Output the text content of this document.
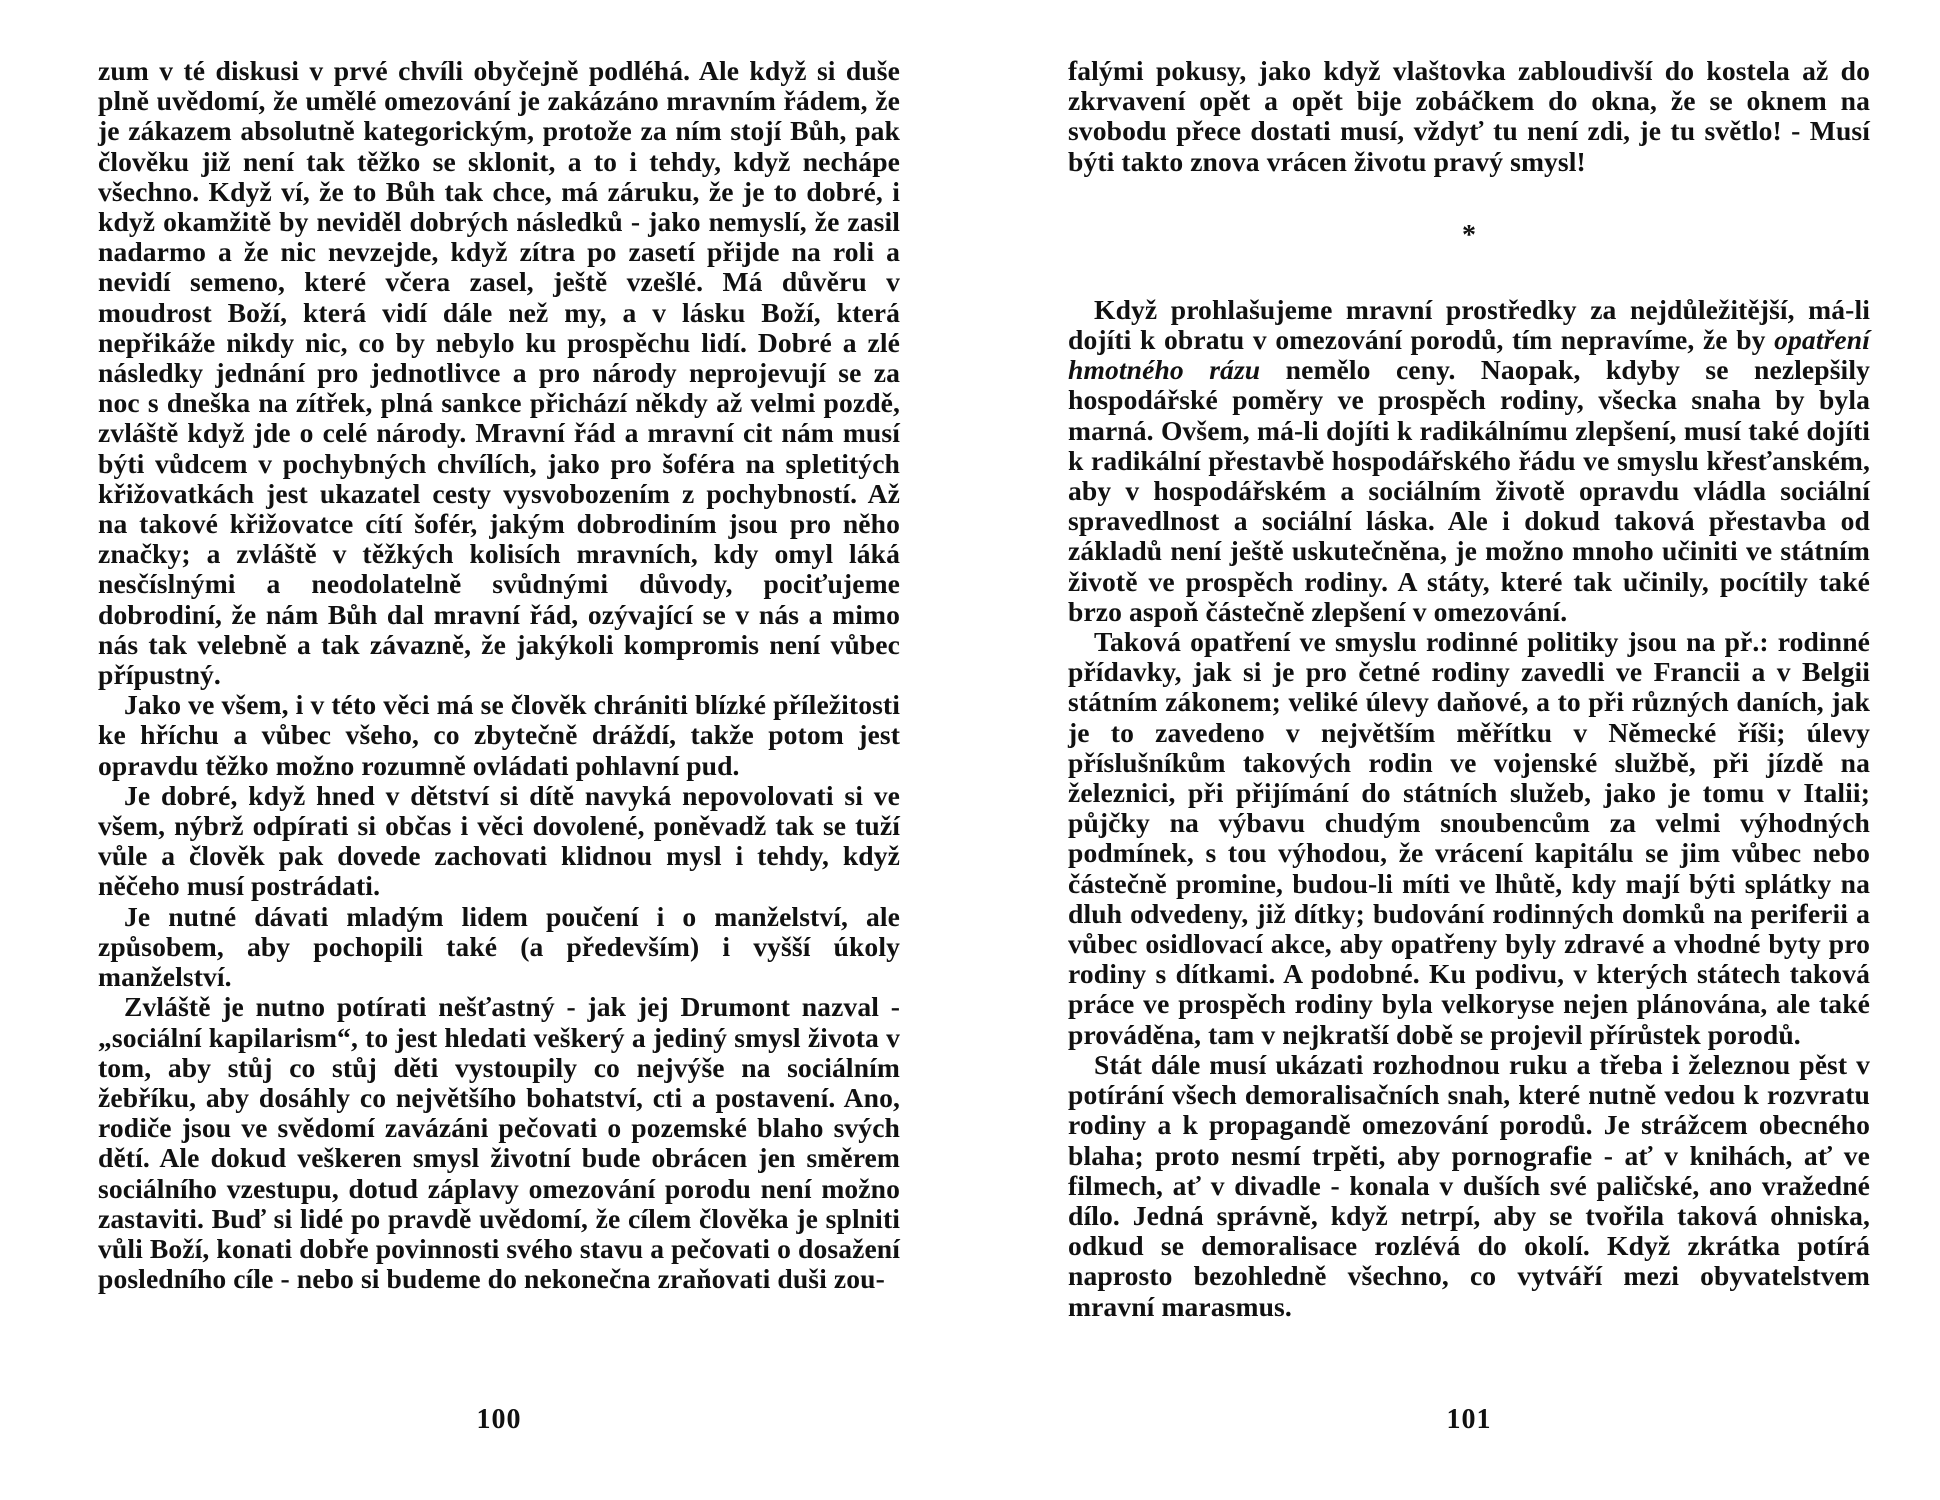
zum v té diskusi v prvé chvíli obyčejně podléhá. Ale když si duše plně uvědomí, že umělé omezování je zakázáno mravním řádem, že je zákazem absolutně kategorickým, protože za ním stojí Bůh, pak člověku již není tak těžko se sklonit, a to i tehdy, když nechápe všechno. Když ví, že to Bůh tak chce, má záruku, že je to dobré, i když okamžitě by neviděl dobrých následků - jako nemyslí, že zasil nadarmo a že nic nevzejde, když zítra po zasetí přijde na roli a nevidí semeno, které včera zasel, ještě vzešlé. Má důvěru v moudrost Boží, která vidí dále než my, a v lásku Boží, která nepřikáže nikdy nic, co by nebylo ku prospěchu lidí. Dobré a zlé následky jednání pro jednotlivce a pro národy neprojevují se za noc s dneška na zítřek, plná sankce přichází někdy až velmi pozdě, zvláště když jde o celé národy. Mravní řád a mravní cit nám musí býti vůdcem v pochybných chvílích, jako pro šoféra na spletitých křižovatkách jest ukazatel cesty vysvobozením z pochybností. Až na takové křižovatce cítí šofér, jakým dobrodiním jsou pro něho značky; a zvláště v těžkých kolisích mravních, kdy omyl láká nesčíslnými a neodolatelně svůdnými důvody, pociťujeme dobrodiní, že nám Bůh dal mravní řád, ozývající se v nás a mimo nás tak velebně a tak závazně, že jakýkoli kompromis není vůbec přípustný.

Jako ve všem, i v této věci má se člověk chrániti blízké příležitosti ke hříchu a vůbec všeho, co zbytečně dráždí, takže potom jest opravdu těžko možno rozumně ovládati pohlavní pud.

Je dobré, když hned v dětství si dítě navyká nepovolovati si ve všem, nýbrž odpírati si občas i věci dovolené, poněvadž tak se tuží vůle a člověk pak dovede zachovati klidnou mysl i tehdy, když něčeho musí postrádati.

Je nutné dávati mladým lidem poučení i o manželství, ale způsobem, aby pochopili také (a především) i vyšší úkoly manželství.

Zvláště je nutno potírati nešťastný - jak jej Drumont nazval - „sociální kapilarism“, to jest hledati veškerý a jediný smysl života v tom, aby stůj co stůj děti vystoupily co nejvýše na sociálním žebříku, aby dosáhly co největšího bohatství, cti a postavení. Ano, rodiče jsou ve svědomí zavázáni pečovati o pozemské blaho svých dětí. Ale dokud veškeren smysl životní bude obrácen jen směrem sociálního vzestupu, dotud záplavy omezování porodu není možno zastaviti. Buď si lidé po pravdě uvědomí, že cílem člověka je splniti vůli Boží, konati dobře povinnosti svého stavu a pečovati o dosažení posledního cíle - nebo si budeme do nekonečna zraňovati duši zou-

100

falými pokusy, jako když vlaštovka zabloudivší do kostela až do zkrvavení opět a opět bije zobáčkem do okna, že se oknem na svobodu přece dostati musí, vždyť tu není zdi, je tu světlo! - Musí býti takto znova vrácen životu pravý smysl!

*

Když prohlašujeme mravní prostředky za nejdůležitější, má-li dojíti k obratu v omezování porodů, tím nepravíme, že by opatření hmotného rázu nemělo ceny. Naopak, kdyby se nezlepšily hospodářské poměry ve prospěch rodiny, všecka snaha by byla marná. Ovšem, má-li dojíti k radikálnímu zlepšení, musí také dojíti k radikální přestavbě hospodářského řádu ve smyslu křesťanském, aby v hospodářském a sociálním životě opravdu vládla sociální spravedlnost a sociální láska. Ale i dokud taková přestavba od základů není ještě uskutečněna, je možno mnoho učiniti ve státním životě ve prospěch rodiny. A státy, které tak učinily, pocítily také brzo aspoň částečně zlepšení v omezování.

Taková opatření ve smyslu rodinné politiky jsou na př.: rodinné přídavky, jak si je pro četné rodiny zavedli ve Francii a v Belgii státním zákonem; veliké úlevy daňové, a to při různých daních, jak je to zavedeno v největším měřítku v Německé říši; úlevy příslušníkům takových rodin ve vojenské službě, při jízdě na železnici, při přijímání do státních služeb, jako je tomu v Italii; půjčky na výbavu chudým snoubencům za velmi výhodných podmínek, s tou výhodou, že vrácení kapitálu se jim vůbec nebo částečně promine, budou-li míti ve lhůtě, kdy mají býti splátky na dluh odvedeny, již dítky; budování rodinných domků na periferii a vůbec osidlovací akce, aby opatřeny byly zdravé a vhodné byty pro rodiny s dítkami. A podobné. Ku podivu, v kterých státech taková práce ve prospěch rodiny byla velkoryse nejen plánována, ale také prováděna, tam v nejkratší době se projevil přírůstek porodů.

Stát dále musí ukázati rozhodnou ruku a třeba i železnou pěst v potírání všech demoralisačních snah, které nutně vedou k rozvratu rodiny a k propagandě omezování porodů. Je strážcem obecného blaha; proto nesmí trpěti, aby pornografie - ať v knihách, ať ve filmech, ať v divadle - konala v duších své paličské, ano vražedné dílo. Jedná správně, když netrpí, aby se tvořila taková ohniska, odkud se demoralisace rozlévá do okolí. Když zkrátka potírá naprosto bezohledně všechno, co vytváří mezi obyvatelstvem mravní marasmus.

101
